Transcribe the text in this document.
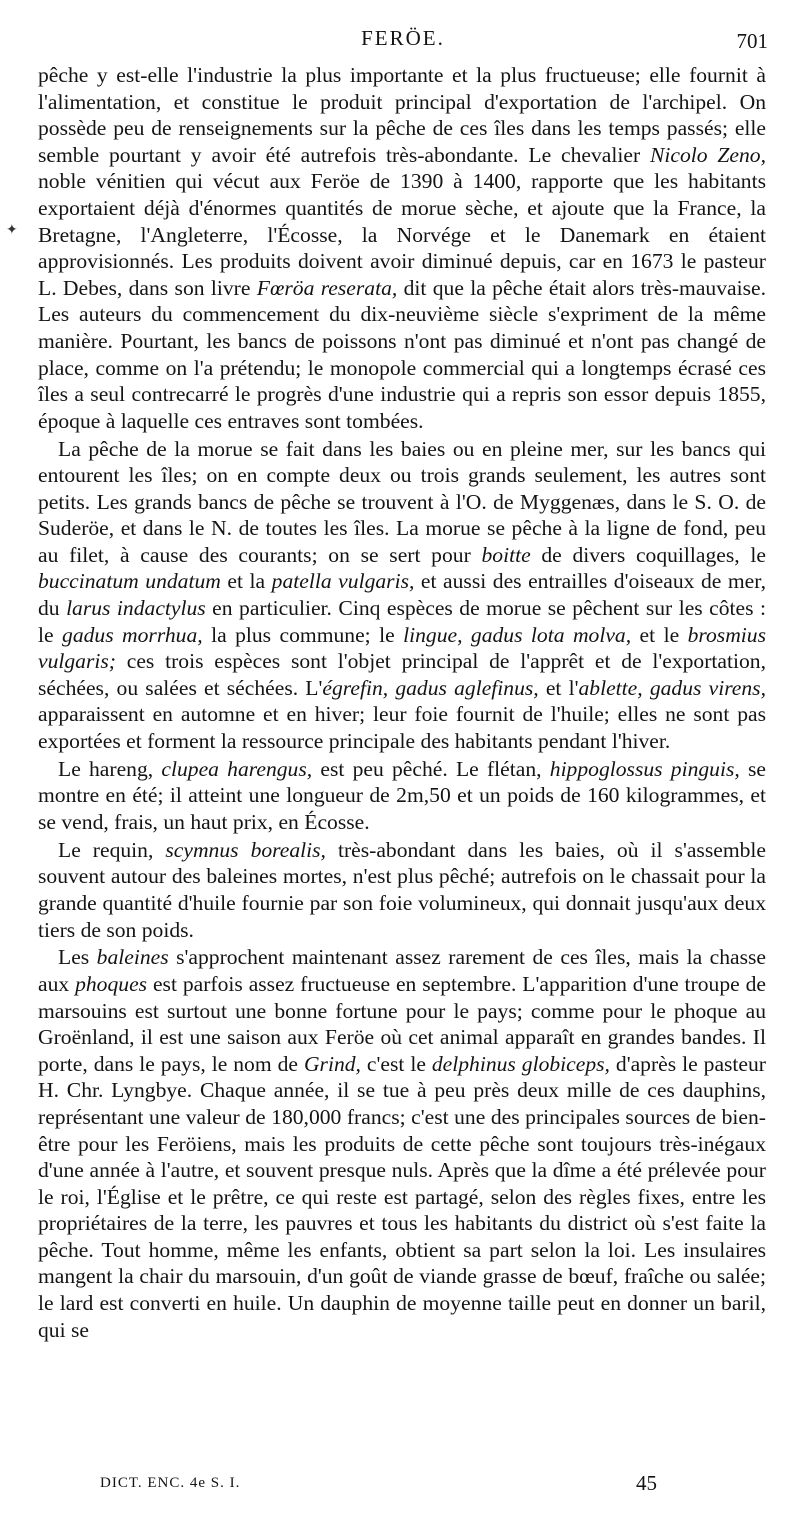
FERÖE.	701
✦

pêche y est-elle l'industrie la plus importante et la plus fructueuse; elle fournit à l'alimentation, et constitue le produit principal d'exportation de l'archipel. On possède peu de renseignements sur la pêche de ces îles dans les temps passés; elle semble pourtant y avoir été autrefois très-abondante. Le chevalier Nicolo Zeno, noble vénitien qui vécut aux Feröe de 1390 à 1400, rapporte que les habitants exportaient déjà d'énormes quantités de morue sèche, et ajoute que la France, la Bretagne, l'Angleterre, l'Écosse, la Norvége et le Danemark en étaient approvisionnés. Les produits doivent avoir diminué depuis, car en 1673 le pasteur L. Debes, dans son livre Fœröa reserata, dit que la pêche était alors très-mauvaise. Les auteurs du commencement du dix-neuvième siècle s'expriment de la même manière. Pourtant, les bancs de poissons n'ont pas diminué et n'ont pas changé de place, comme on l'a prétendu; le monopole commercial qui a longtemps écrasé ces îles a seul contrecarré le progrès d'une industrie qui a repris son essor depuis 1855, époque à laquelle ces entraves sont tombées.

La pêche de la morue se fait dans les baies ou en pleine mer, sur les bancs qui entourent les îles; on en compte deux ou trois grands seulement, les autres sont petits. Les grands bancs de pêche se trouvent à l'O. de Myggenæs, dans le S. O. de Suderöe, et dans le N. de toutes les îles. La morue se pêche à la ligne de fond, peu au filet, à cause des courants; on se sert pour boitte de divers coquillages, le buccinatum undatum et la patella vulgaris, et aussi des entrailles d'oiseaux de mer, du larus indactylus en particulier. Cinq espèces de morue se pêchent sur les côtes : le gadus morrhua, la plus commune; le lingue, gadus lota molva, et le brosmius vulgaris; ces trois espèces sont l'objet principal de l'apprêt et de l'exportation, séchées, ou salées et séchées. L'égrefin, gadus aglefinus, et l'ablette, gadus virens, apparaissent en automne et en hiver; leur foie fournit de l'huile; elles ne sont pas exportées et forment la ressource principale des habitants pendant l'hiver.

Le hareng, clupea harengus, est peu pêché. Le flétan, hippoglossus pinguis, se montre en été; il atteint une longueur de 2m,50 et un poids de 160 kilogrammes, et se vend, frais, un haut prix, en Écosse.

Le requin, scymnus borealis, très-abondant dans les baies, où il s'assemble souvent autour des baleines mortes, n'est plus pêché; autrefois on le chassait pour la grande quantité d'huile fournie par son foie volumineux, qui donnait jusqu'aux deux tiers de son poids.

Les baleines s'approchent maintenant assez rarement de ces îles, mais la chasse aux phoques est parfois assez fructueuse en septembre. L'apparition d'une troupe de marsouins est surtout une bonne fortune pour le pays; comme pour le phoque au Groënland, il est une saison aux Feröe où cet animal apparaît en grandes bandes. Il porte, dans le pays, le nom de Grind, c'est le delphinus globiceps, d'après le pasteur H. Chr. Lyngbye. Chaque année, il se tue à peu près deux mille de ces dauphins, représentant une valeur de 180,000 francs; c'est une des principales sources de bien-être pour les Feröiens, mais les produits de cette pêche sont toujours très-inégaux d'une année à l'autre, et souvent presque nuls. Après que la dîme a été prélevée pour le roi, l'Église et le prêtre, ce qui reste est partagé, selon des règles fixes, entre les propriétaires de la terre, les pauvres et tous les habitants du district où s'est faite la pêche. Tout homme, même les enfants, obtient sa part selon la loi. Les insulaires mangent la chair du marsouin, d'un goût de viande grasse de bœuf, fraîche ou salée; le lard est converti en huile. Un dauphin de moyenne taille peut en donner un baril, qui se

DICT. ENC. 4e S. I.	45
